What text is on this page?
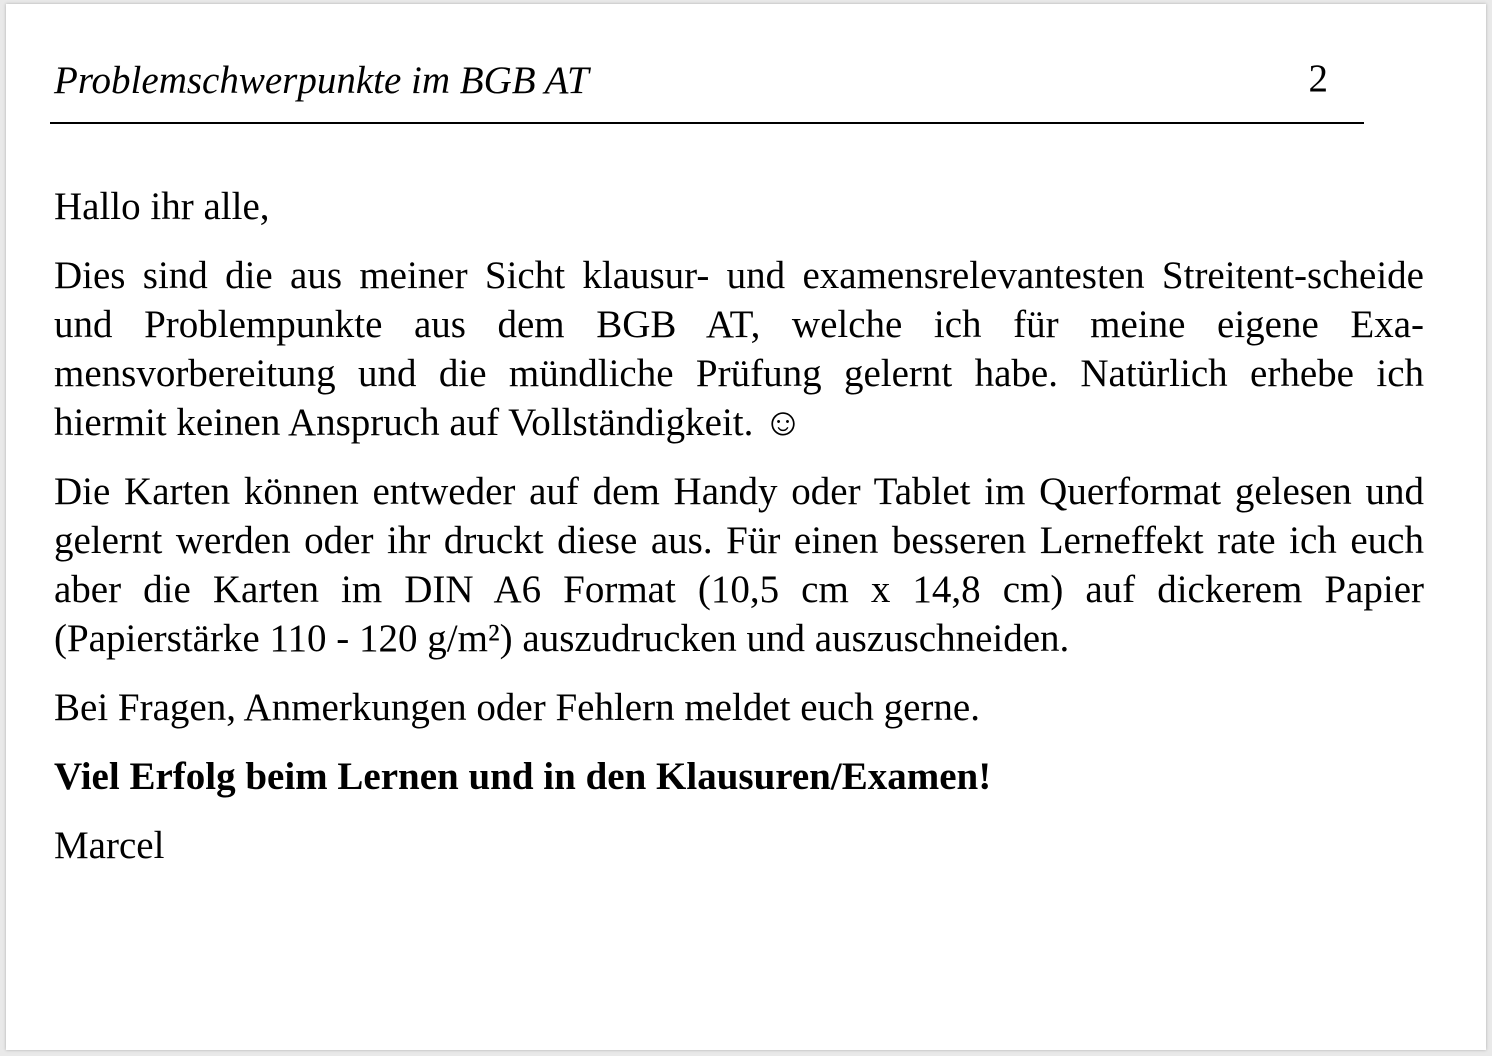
Problemschwerpunkte im BGB AT	2

Hallo ihr alle,

Dies sind die aus meiner Sicht klausur- und examensrelevantesten Streitent-scheide und Problempunkte aus dem BGB AT, welche ich für meine eigene Exa-mensvorbereitung und die mündliche Prüfung gelernt habe. Natürlich erhebe ich hiermit keinen Anspruch auf Vollständigkeit. ☺

Die Karten können entweder auf dem Handy oder Tablet im Querformat gelesen und gelernt werden oder ihr druckt diese aus. Für einen besseren Lerneffekt rate ich euch aber die Karten im DIN A6 Format (10,5 cm x 14,8 cm) auf dickerem Papier (Papierstärke 110 - 120 g/m²) auszudrucken und auszuschneiden.

Bei Fragen, Anmerkungen oder Fehlern meldet euch gerne.

Viel Erfolg beim Lernen und in den Klausuren/Examen!

Marcel
